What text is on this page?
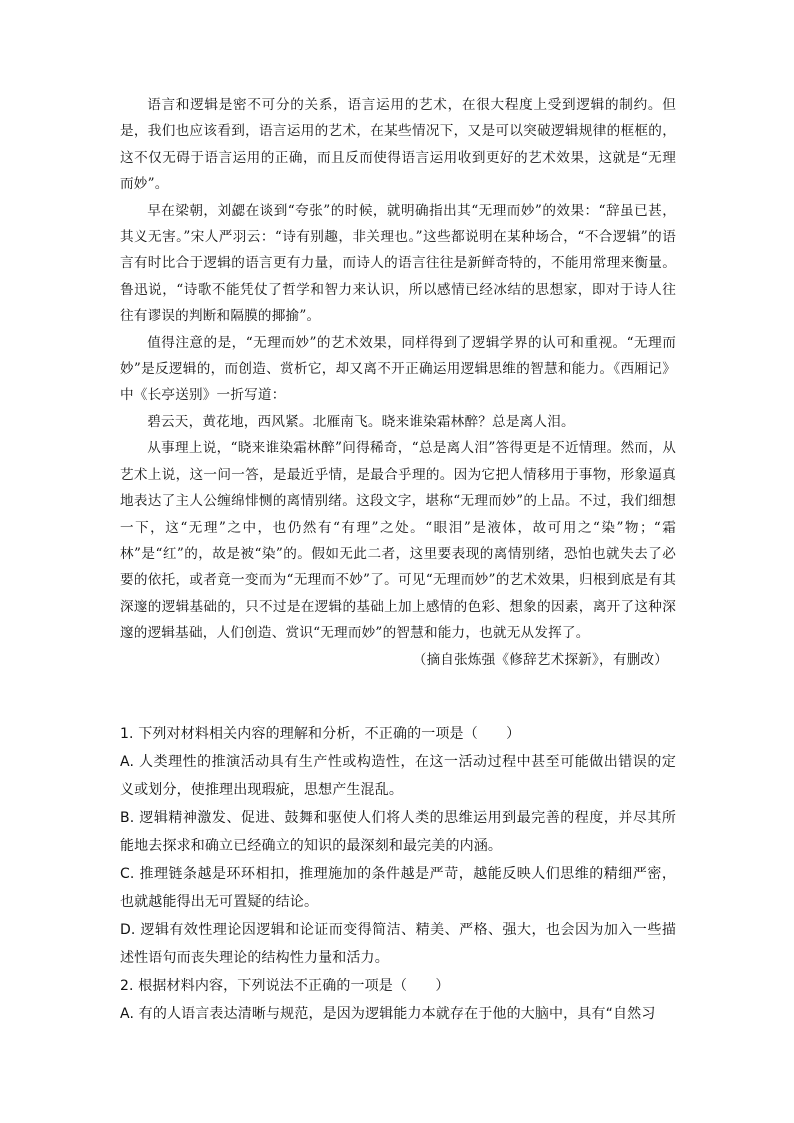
语言和逻辑是密不可分的关系，语言运用的艺术，在很大程度上受到逻辑的制约。但是，我们也应该看到，语言运用的艺术，在某些情况下，又是可以突破逻辑规律的框框的，这不仅无碍于语言运用的正确，而且反而使得语言运用收到更好的艺术效果，这就是“无理而妙”。

早在梁朝，刘勰在谈到“夸张”的时候，就明确指出其“无理而妙”的效果：“辞虽已甚，其义无害。”宋人严羽云：“诗有别趣，非关理也。”这些都说明在某种场合，“不合逻辑”的语言有时比合于逻辑的语言更有力量，而诗人的语言往往是新鲜奇特的，不能用常理来衡量。鲁迅说，“诗歌不能凭仗了哲学和智力来认识，所以感情已经冰结的思想家，即对于诗人往往有谬误的判断和隔膜的揶揄”。

值得注意的是，“无理而妙”的艺术效果，同样得到了逻辑学界的认可和重视。“无理而妙”是反逻辑的，而创造、赏析它，却又离不开正确运用逻辑思维的智慧和能力。《西厢记》中《长亭送别》一折写道：

碧云天，黄花地，西风紧。北雁南飞。晓来谁染霜林醉？总是离人泪。

从事理上说，“晓来谁染霜林醉”问得稀奇，“总是离人泪”答得更是不近情理。然而，从艺术上说，这一问一答，是最近乎情，是最合乎理的。因为它把人情移用于事物，形象逼真地表达了主人公缠绵悱恻的离情别绪。这段文字，堪称“无理而妙”的上品。不过，我们细想一下，这“无理”之中，也仍然有“有理”之处。“眼泪”是液体，故可用之“染”物；“霜林”是“红”的，故是被“染”的。假如无此二者，这里要表现的离情别绪，恐怕也就失去了必要的依托，或者竟一变而为“无理而不妙”了。可见“无理而妙”的艺术效果，归根到底是有其深邃的逻辑基础的，只不过是在逻辑的基础上加上感情的色彩、想象的因素，离开了这种深邃的逻辑基础，人们创造、赏识“无理而妙”的智慧和能力，也就无从发挥了。

（摘自张炼强《修辞艺术探新》，有删改）

1. 下列对材料相关内容的理解和分析，不正确的一项是（　　）

A. 人类理性的推演活动具有生产性或构造性，在这一活动过程中甚至可能做出错误的定义或划分，使推理出现瑕疵，思想产生混乱。

B. 逻辑精神激发、促进、鼓舞和驱使人们将人类的思维运用到最完善的程度，并尽其所能地去探求和确立已经确立的知识的最深刻和最完美的内涵。

C. 推理链条越是环环相扣，推理施加的条件越是严苛，越能反映人们思维的精细严密，也就越能得出无可置疑的结论。

D. 逻辑有效性理论因逻辑和论证而变得简洁、精美、严格、强大，也会因为加入一些描述性语句而丧失理论的结构性力量和活力。

2. 根据材料内容，下列说法不正确的一项是（　　）

A. 有的人语言表达清晰与规范，是因为逻辑能力本就存在于他的大脑中，具有“自然习
